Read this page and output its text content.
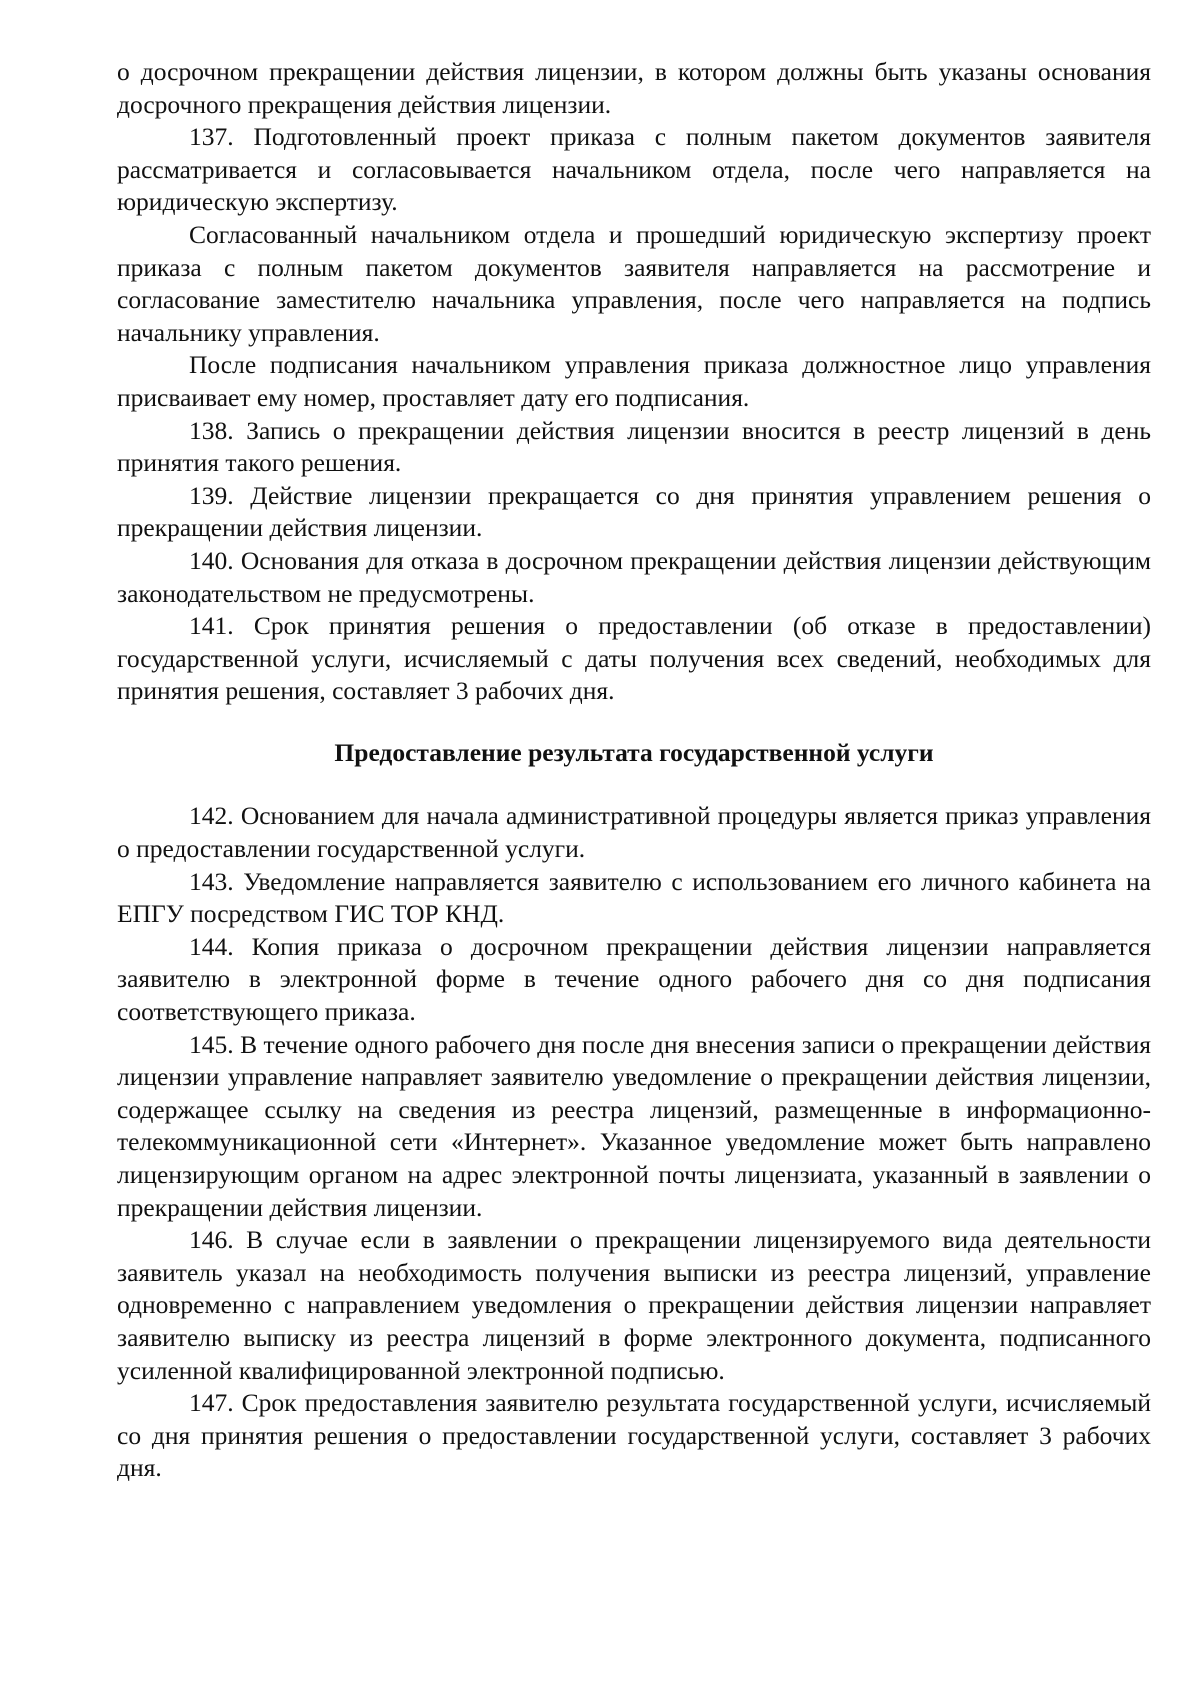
о досрочном прекращении действия лицензии, в котором должны быть указаны основания досрочного прекращения действия лицензии.

137. Подготовленный проект приказа с полным пакетом документов заявителя рассматривается и согласовывается начальником отдела, после чего направляется на юридическую экспертизу.

Согласованный начальником отдела и прошедший юридическую экспертизу проект приказа с полным пакетом документов заявителя направляется на рассмотрение и согласование заместителю начальника управления, после чего направляется на подпись начальнику управления.

После подписания начальником управления приказа должностное лицо управления присваивает ему номер, проставляет дату его подписания.

138. Запись о прекращении действия лицензии вносится в реестр лицензий в день принятия такого решения.

139. Действие лицензии прекращается со дня принятия управлением решения о прекращении действия лицензии.

140. Основания для отказа в досрочном прекращении действия лицензии действующим законодательством не предусмотрены.

141. Срок принятия решения о предоставлении (об отказе в предоставлении) государственной услуги, исчисляемый с даты получения всех сведений, необходимых для принятия решения, составляет 3 рабочих дня.

Предоставление результата государственной услуги

142. Основанием для начала административной процедуры является приказ управления о предоставлении государственной услуги.

143. Уведомление направляется заявителю с использованием его личного кабинета на ЕПГУ посредством ГИС ТОР КНД.

144. Копия приказа о досрочном прекращении действия лицензии направляется заявителю в электронной форме в течение одного рабочего дня со дня подписания соответствующего приказа.

145. В течение одного рабочего дня после дня внесения записи о прекращении действия лицензии управление направляет заявителю уведомление о прекращении действия лицензии, содержащее ссылку на сведения из реестра лицензий, размещенные в информационно-телекоммуникационной сети «Интернет». Указанное уведомление может быть направлено лицензирующим органом на адрес электронной почты лицензиата, указанный в заявлении о прекращении действия лицензии.

146. В случае если в заявлении о прекращении лицензируемого вида деятельности заявитель указал на необходимость получения выписки из реестра лицензий, управление одновременно с направлением уведомления о прекращении действия лицензии направляет заявителю выписку из реестра лицензий в форме электронного документа, подписанного усиленной квалифицированной электронной подписью.

147. Срок предоставления заявителю результата государственной услуги, исчисляемый со дня принятия решения о предоставлении государственной услуги, составляет 3 рабочих дня.
